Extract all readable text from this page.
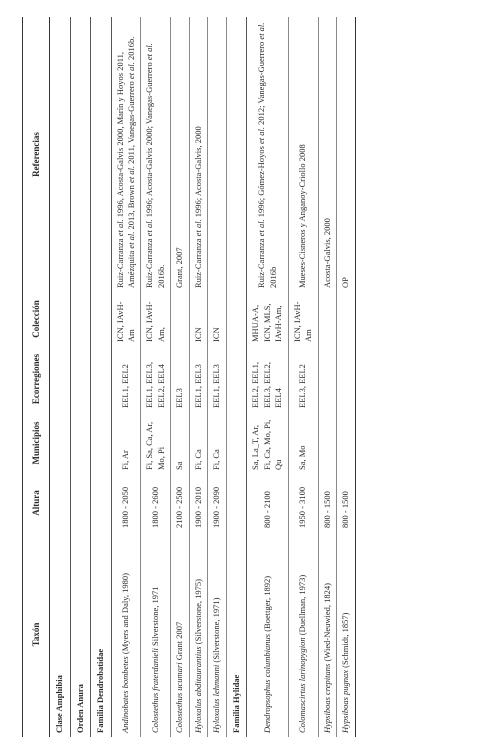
Taxón	Altura	Municipios	Ecorregiones	Colección	Referencias
Clase Amphibia					
Orden Anura					
Familia Dendrobatidae					
Andinobates bombetes (Myers and Daly, 1980)	1800 - 2050	Fi, Ar	EEL1, EEL2	ICN, IAvH-Am	Ruiz-Carranza et al. 1996, Acosta-Galvis 2000, Marín y Hoyos 2011, Amézquita et al. 2013, Brown et al. 2011, Vanegas-Guerrero et al. 2016b.
Colostethus fraterdanieli Silverstone, 1971	1800 - 2600	Fi, Sa, Ca, Ar, Mo, Pi	EEL1, EEL3, EEL2, EEL4	ICN, IAvH-Am,	Ruiz-Carranza et al. 1996; Acosta-Galvis 2000; Vanegas-Guerrero et al. 2016b.
Colostethus ucumari Grant 2007	2100 - 2500	Sa	EEL3		Grant, 2007
Hyloxalus abditaurantius (Silverstone, 1975)	1900 - 2010	Fi, Ca	EEL1, EEL3	ICN	Ruiz-Carranza et al. 1996; Acosta-Galvis, 2000
Hyloxalus lehmanni (Silverstone, 1971)	1900 - 2090	Fi, Ca	EEL1, EEL3	ICN	
Familia Hylidae					
Dendropsophus columbianus (Boettger, 1892)	800 - 2100	Sa, La_T, Ar, Fi, Ca, Mo, Pi, Qu	EEL2, EEL1, EEL3, EEL2, EEL4	MHUA-A, ICN, MLS, IAvH-Am,	Ruiz-Carranza et al. 1996; Gómez-Hoyos et al. 2012; Vanegas-Guerrero et al. 2016b
Colomascirtus larinopygion (Duellman, 1973)	1950 - 3100	Sa, Mo	EEL3, EEL2	ICN, IAvH-Am	Mueses-Cisneros y Anganoy-Criollo 2008
Hypsiboas crepitans (Wied-Neuwied, 1824)	800 - 1500				Acosta-Galvis, 2000
Hypsiboas pugnax (Schmidt, 1857)	800 - 1500				OP
